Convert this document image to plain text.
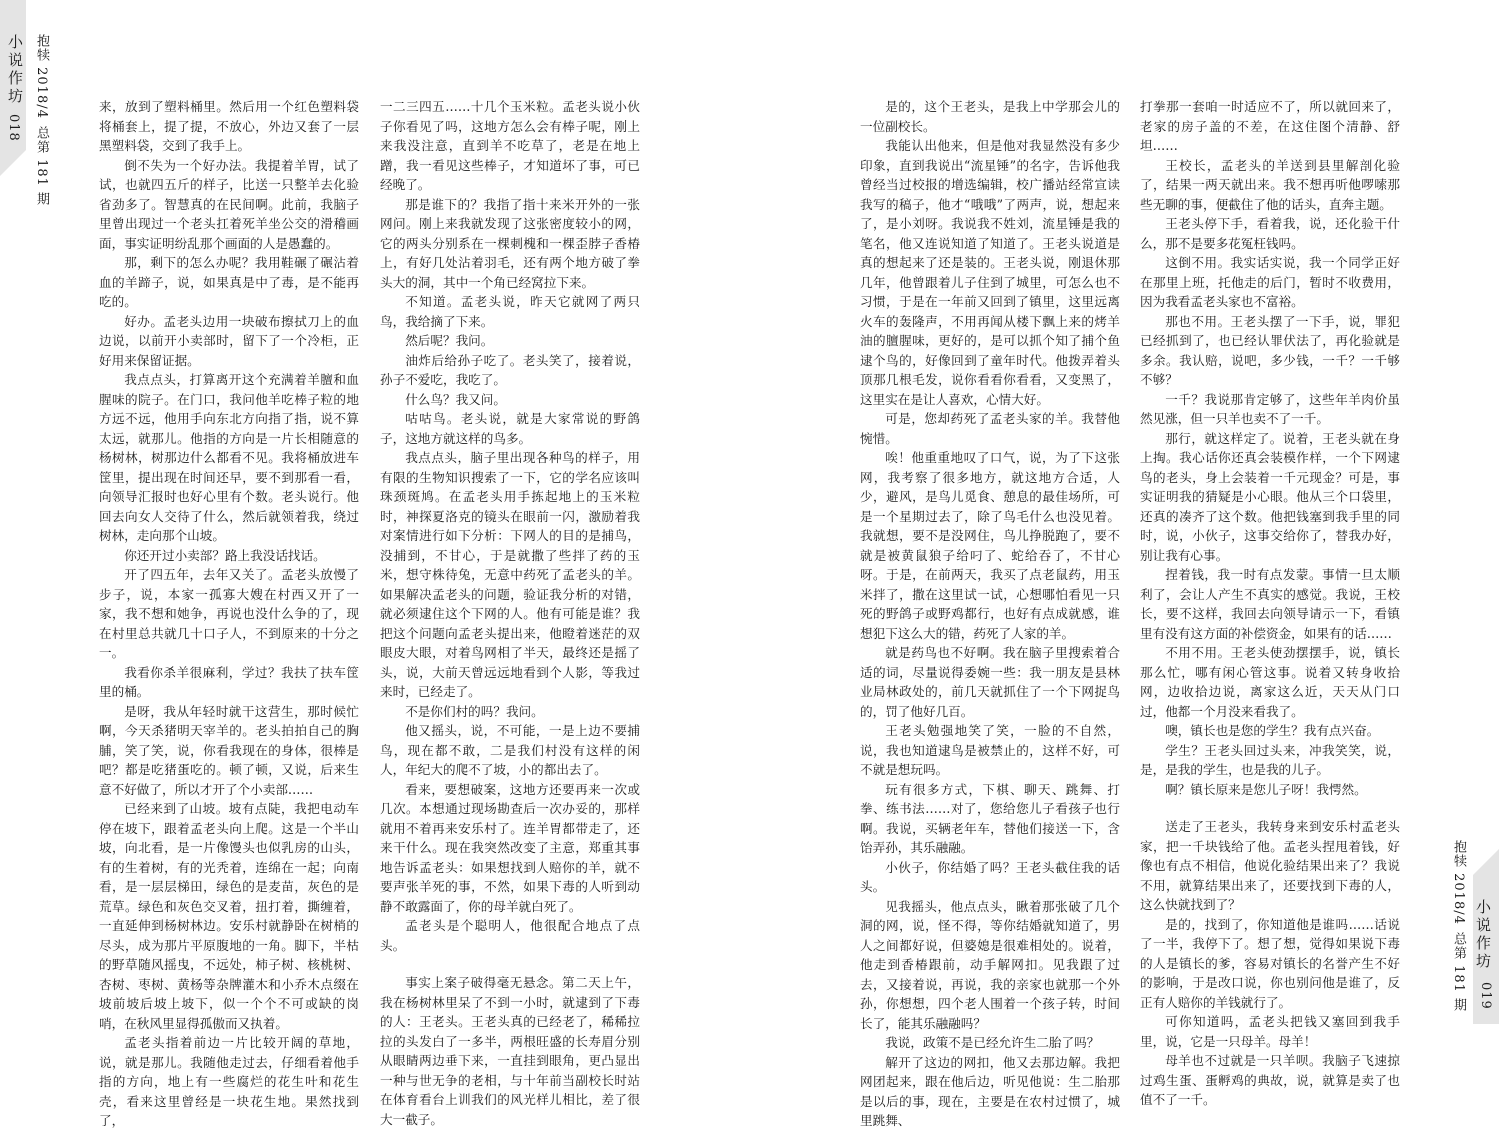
小说作坊
018
抱犊 2018/4
总第 181 期
抱犊 2018/4
总第 181 期 小说作坊
019

来，放到了塑料桶里。然后用一个红色塑料袋将桶套上，提了提，不放心，外边又套了一层黑塑料袋，交到了我手上。

倒不失为一个好办法。我提着羊胃，试了试，也就四五斤的样子，比送一只整羊去化验省劲多了。智慧真的在民间啊。此前，我脑子里曾出现过一个老头扛着死羊坐公交的滑稽画面，事实证明纷乱那个画面的人是愚蠢的。

那，剩下的怎么办呢？我用鞋碾了碾沾着血的羊蹄子，说，如果真是中了毒，是不能再吃的。

好办。孟老头边用一块破布擦拭刀上的血边说，以前开小卖部时，留下了一个冷柜，正好用来保留证据。

我点点头，打算离开这个充满着羊膻和血腥味的院子。在门口，我问他羊吃棒子粒的地方远不远，他用手向东北方向指了指，说不算太远，就那儿。他指的方向是一片长相随意的杨树林，树那边什么都看不见。我将桶放进车筐里，提出现在时间还早，要不到那看一看，向领导汇报时也好心里有个数。老头说行。他回去向女人交待了什么，然后就领着我，绕过树林，走向那个山坡。

你还开过小卖部？路上我没话找话。

开了四五年，去年又关了。孟老头放慢了步子，说，本家一孤寡大嫂在村西又开了一家，我不想和她争，再说也没什么争的了，现在村里总共就几十口子人，不到原来的十分之一。

我看你杀羊很麻利，学过？我扶了扶车筐里的桶。

是呀，我从年轻时就干这营生，那时候忙啊，今天杀猪明天宰羊的。老头拍拍自己的胸脯，笑了笑，说，你看我现在的身体，很棒是吧？都是吃猪蛋吃的。顿了顿，又说，后来生意不好做了，所以才开了个小卖部……

已经来到了山坡。坡有点陡，我把电动车停在坡下，跟着孟老头向上爬。这是一个半山坡，向北看，是一片像馒头也似乳房的山头，有的生着树，有的光秃着，连绵在一起；向南看，是一层层梯田，绿色的是麦苗，灰色的是荒草。绿色和灰色交叉着，扭打着，撕缠着，一直延伸到杨树林边。安乐村就静卧在树梢的尽头，成为那片平原腹地的一角。脚下，半枯的野草随风摇曳，不远处，柿子树、核桃树、杏树、枣树、黄杨等杂牌灌木和小乔木点缀在坡前坡后坡上坡下，似一个个不可或缺的岗哨，在秋风里显得孤傲而又执着。

孟老头指着前边一片比较开阔的草地，说，就是那儿。我随他走过去，仔细看着他手指的方向，地上有一些腐烂的花生叶和花生壳，看来这里曾经是一块花生地。果然找到了，

一二三四五……十几个玉米粒。孟老头说小伙子你看见了吗，这地方怎么会有棒子呢，刚上来我没注意，直到羊不吃草了，老是在地上蹭，我一看见这些棒子，才知道坏了事，可已经晚了。

那是谁下的？我指了指十来米开外的一张网问。刚上来我就发现了这张密度较小的网，它的两头分别系在一棵刺槐和一棵歪脖子香椿上，有好几处沾着羽毛，还有两个地方破了拳头大的洞，其中一个角已经窝拉下来。

不知道。孟老头说，昨天它就网了两只鸟，我给摘了下来。

然后呢？我问。

油炸后给孙子吃了。老头笑了，接着说，孙子不爱吃，我吃了。

什么鸟？我又问。

咕咕鸟。老头说，就是大家常说的野鸽子，这地方就这样的鸟多。

我点点头，脑子里出现各种鸟的样子，用有限的生物知识搜索了一下，它的学名应该叫珠颈斑鸠。在孟老头用手拣起地上的玉米粒时，神探夏洛克的镜头在眼前一闪，激励着我对案情进行如下分析：下网人的目的是捕鸟，没捕到，不甘心，于是就撒了些拌了药的玉米，想守株待兔，无意中药死了孟老头的羊。如果解决孟老头的问题，验证我分析的对错，就必须逮住这个下网的人。他有可能是谁？我把这个问题向孟老头提出来，他瞪着迷茫的双眼皮大眼，对着鸟网相了半天，最终还是摇了头，说，大前天曾远远地看到个人影，等我过来时，已经走了。

不是你们村的吗？我问。

他又摇头，说，不可能，一是上边不要捕鸟，现在都不敢，二是我们村没有这样的闲人，年纪大的爬不了坡，小的都出去了。

看来，要想破案，这地方还要再来一次或几次。本想通过现场勘查后一次办妥的，那样就用不着再来安乐村了。连羊胃都带走了，还来干什么。现在我突然改变了主意，郑重其事地告诉孟老头：如果想找到人赔你的羊，就不要声张羊死的事，不然，如果下毒的人听到动静不敢露面了，你的母羊就白死了。

孟老头是个聪明人，他很配合地点了点头。

事实上案子破得毫无悬念。第二天上午，我在杨树林里呆了不到一小时，就逮到了下毒的人：王老头。王老头真的已经老了，稀稀拉拉的头发白了一多半，两根旺盛的长寿眉分别从眼睛两边垂下来，一直挂到眼角，更凸显出一种与世无争的老相，与十年前当副校长时站在体育看台上训我们的风光样儿相比，差了很大一截子。

是的，这个王老头，是我上中学那会儿的一位副校长。

我能认出他来，但是他对我显然没有多少印象，直到我说出“流星锤”的名字，告诉他我曾经当过校报的增选编辑，校广播站经常宣读我写的稿子，他才“哦哦”了两声，说，想起来了，是小刘呀。我说我不姓刘，流星锤是我的笔名，他又连说知道了知道了。王老头说道是真的想起来了还是装的。王老头说，刚退休那几年，他曾跟着儿子住到了城里，可怎么也不习惯，于是在一年前又回到了镇里，这里远离火车的轰隆声，不用再闻从楼下飘上来的烤羊油的膻腥味，更好的，是可以抓个知了捕个鱼逮个鸟的，好像回到了童年时代。他拨弄着头顶那几根毛发，说你看看你看看，又变黑了，这里实在是让人喜欢，心情大好。

可是，您却药死了孟老头家的羊。我替他惋惜。

唉！他重重地叹了口气，说，为了下这张网，我考察了很多地方，就这地方合适，人少，避风，是鸟儿觅食、憩息的最佳场所，可是一个星期过去了，除了鸟毛什么也没见着。我就想，要不是没网住，鸟儿挣脱跑了，要不就是被黄鼠狼子给叼了、蛇给吞了，不甘心呀。于是，在前两天，我买了点老鼠药，用玉米拌了，撒在这里试一试，心想哪怕看见一只死的野鸽子或野鸡都行，也好有点成就感，谁想犯下这么大的错，药死了人家的羊。

就是药鸟也不好啊。我在脑子里搜索着合适的词，尽量说得委婉一些：我一朋友是县林业局林政处的，前几天就抓住了一个下网捉鸟的，罚了他好几百。

王老头勉强地笑了笑，一脸的不自然，说，我也知道逮鸟是被禁止的，这样不好，可不就是想玩吗。

玩有很多方式，下棋、聊天、跳舞、打拳、练书法……对了，您给您儿子看孩子也行啊。我说，买辆老年车，替他们接送一下，含饴弄孙，其乐融融。

小伙子，你结婚了吗？王老头截住我的话头。

见我摇头，他点点头，瞅着那张破了几个洞的网，说，怪不得，等你结婚就知道了，男人之间都好说，但婆媳是很难相处的。说着，他走到香椿跟前，动手解网扣。见我跟了过去，又接着说，再说，我的亲家也就那一个外孙，你想想，四个老人围着一个孩子转，时间长了，能其乐融融吗？

我说，政策不是已经允许生二胎了吗？

解开了这边的网扣，他又去那边解。我把网团起来，跟在他后边，听见他说：生二胎那是以后的事，现在，主要是在农村过惯了，城里跳舞、

打拳那一套咱一时适应不了，所以就回来了，老家的房子盖的不差，在这住图个清静、舒坦……

王校长，孟老头的羊送到县里解剖化验了，结果一两天就出来。我不想再听他啰嗦那些无聊的事，便截住了他的话头，直奔主题。

王老头停下手，看着我，说，还化验干什么，那不是要多花冤枉钱吗。

这倒不用。我实话实说，我一个同学正好在那里上班，托他走的后门，暂时不收费用，因为我看孟老头家也不富裕。

那也不用。王老头摆了一下手，说，罪犯已经抓到了，也已经认罪伏法了，再化验就是多余。我认赔，说吧，多少钱，一千？一千够不够？

一千？我说那肯定够了，这些年羊肉价虽然见涨，但一只羊也卖不了一千。

那行，就这样定了。说着，王老头就在身上掏。我心话你还真会装模作样，一个下网逮鸟的老头，身上会装着一千元现金？可是，事实证明我的猜疑是小心眼。他从三个口袋里，还真的凑齐了这个数。他把钱塞到我手里的同时，说，小伙子，这事交给你了，替我办好，别让我有心事。

捏着钱，我一时有点发蒙。事情一旦太顺利了，会让人产生不真实的感觉。我说，王校长，要不这样，我回去向领导请示一下，看镇里有没有这方面的补偿资金，如果有的话……

不用不用。王老头使劲摆摆手，说，镇长那么忙，哪有闲心管这事。说着又转身收拾网，边收拾边说，离家这么近，天天从门口过，他都一个月没来看我了。

噢，镇长也是您的学生？我有点兴奋。

学生？王老头回过头来，冲我笑笑，说，是，是我的学生，也是我的儿子。

啊？镇长原来是您儿子呀！我愕然。

送走了王老头，我转身来到安乐村孟老头家，把一千块钱给了他。孟老头捏甩着钱，好像也有点不相信，他说化验结果出来了？我说不用，就算结果出来了，还要找到下毒的人，这么快就找到了？

是的，找到了，你知道他是谁吗……话说了一半，我停下了。想了想，觉得如果说下毒的人是镇长的爹，容易对镇长的名誉产生不好的影响，于是改口说，你也别问他是谁了，反正有人赔你的羊钱就行了。

可你知道吗，孟老头把钱又塞回到我手里，说，它是一只母羊。母羊！

母羊也不过就是一只羊呗。我脑子飞速掠过鸡生蛋、蛋孵鸡的典故，说，就算是卖了也值不了一千。
